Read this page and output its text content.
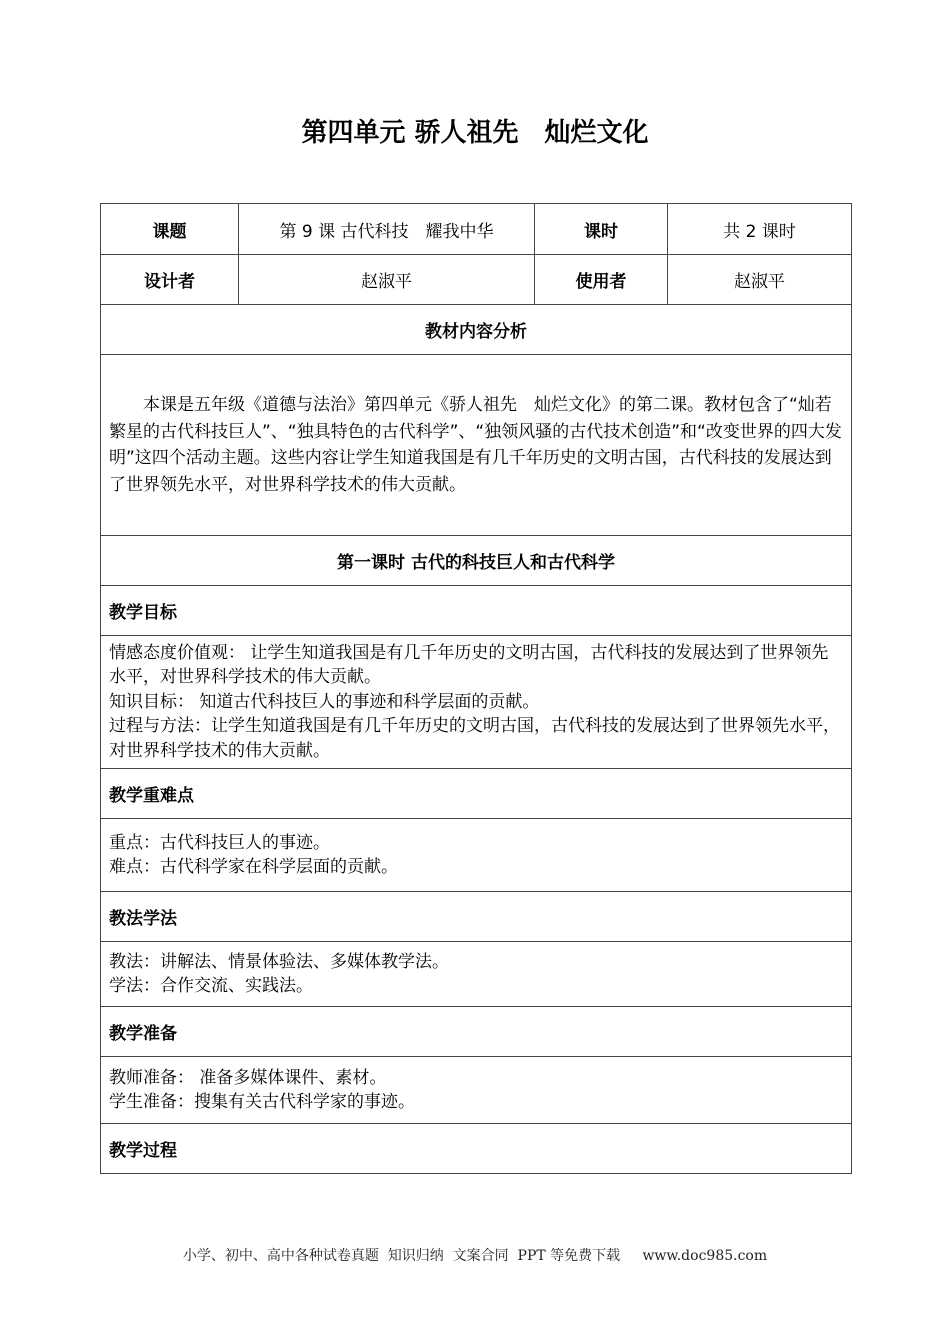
第四单元 骄人祖先　灿烂文化
课题	第 9 课 古代科技　耀我中华	课时	共 2 课时
设计者	赵淑平	使用者	赵淑平
教材内容分析			
本课是五年级《道德与法治》第四单元《骄人祖先　灿烂文化》的第二课。教材包含了“灿若繁星的古代科技巨人”、“独具特色的古代科学”、“独领风骚的古代技术创造”和“改变世界的四大发明”这四个活动主题。这些内容让学生知道我国是有几千年历史的文明古国，古代科技的发展达到了世界领先水平，对世界科学技术的伟大贡献。			
第一课时 古代的科技巨人和古代科学			
教学目标			

情感态度价值观： 让学生知道我国是有几千年历史的文明古国，古代科技的发展达到了世界领先水平，对世界科学技术的伟大贡献。
知识目标： 知道古代科技巨人的事迹和科学层面的贡献。
过程与方法：让学生知道我国是有几千年历史的文明古国，古代科技的发展达到了世界领先水平，对世界科学技术的伟大贡献。			

教学重难点			

重点：古代科技巨人的事迹。
难点：古代科学家在科学层面的贡献。			

教法学法			

教法：讲解法、情景体验法、多媒体教学法。
学法：合作交流、实践法。			

教学准备			

教师准备： 准备多媒体课件、素材。
学生准备：搜集有关古代科学家的事迹。			

教学过程			
小学、初中、高中各种试卷真题  知识归纳  文案合同  PPT 等免费下载     www.doc985.com
